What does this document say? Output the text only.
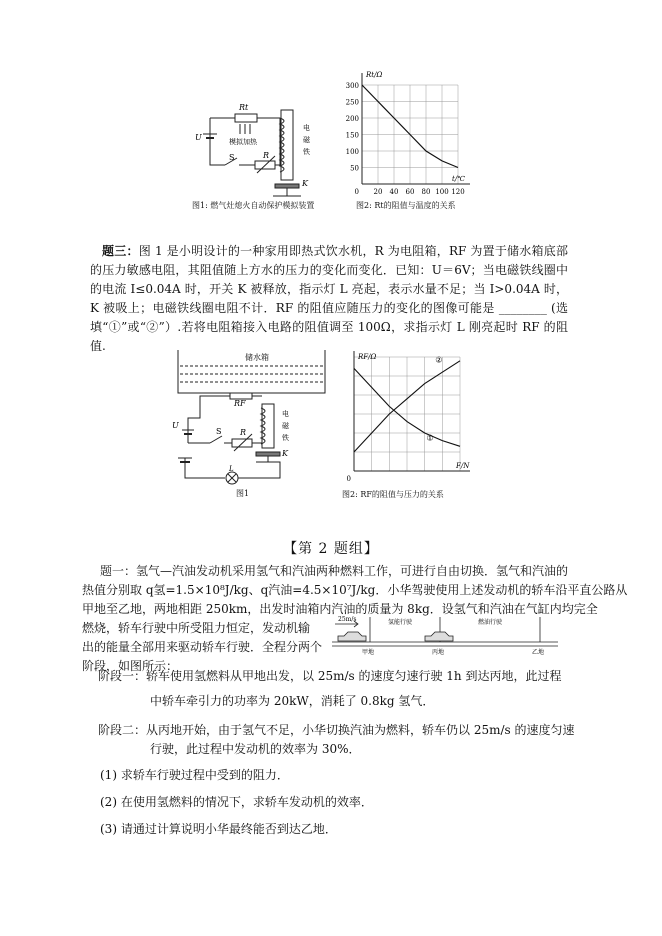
Rt
模拟加热
U
S	R
电
磁
铁
K
图1: 燃气灶熄火自动保护模拟装置
20 40 60 80 100 120
50
100
150
200
250
300
0
Rt/Ω
t/℃
图2: Rt的阻值与温度的关系
题三：图 1 是小明设计的一种家用即热式饮水机，R 为电阻箱，RF 为置于储水箱底部的压力敏感电阻，其阻值随上方水的压力的变化而变化．已知：U＝6V；当电磁铁线圈中的电流 I≤0.04A 时，开关 K 被释放，指示灯 L 亮起，表示水量不足；当 I>0.04A 时，K 被吸上；电磁铁线圈电阻不计．RF 的阻值应随压力的变化的图像可能是 ________ (选填“①”或“②”）.若将电阻箱接入电路的阻值调至 100Ω，求指示灯 L 刚亮起时 RF 的阻值.
储水箱
RF
U
S R
电
磁
铁
K
L
图1
0
RF/Ω
F/N
①
②
图2: RF的阻值与压力的关系
【第 2 题组】
题一：氢气—汽油发动机采用氢气和汽油两种燃料工作，可进行自由切换．氢气和汽油的
热值分别取 q氢=1.5×10⁸J/kg、q汽油=4.5×10⁷J/kg．小华驾驶使用上述发动机的轿车沿平直公路从
甲地至乙地，两地相距 250km，出发时油箱内汽油的质量为 8kg．设氢气和汽油在气缸内均完全
燃烧，轿车行驶中所受阻力恒定，发动机输
出的能量全部用来驱动轿车行驶．全程分两个
阶段，如图所示：
25m/s	氢能行驶	燃油行驶
甲地	丙地	乙地
阶段一：轿车使用氢燃料从甲地出发，以 25m/s 的速度匀速行驶 1h 到达丙地，此过程
中轿车牵引力的功率为 20kW，消耗了 0.8kg 氢气．
阶段二：从丙地开始，由于氢气不足，小华切换汽油为燃料，轿车仍以 25m/s 的速度匀速
行驶，此过程中发动机的效率为 30%．
(1) 求轿车行驶过程中受到的阻力．
(2) 在使用氢燃料的情况下，求轿车发动机的效率．
(3) 请通过计算说明小华最终能否到达乙地．
